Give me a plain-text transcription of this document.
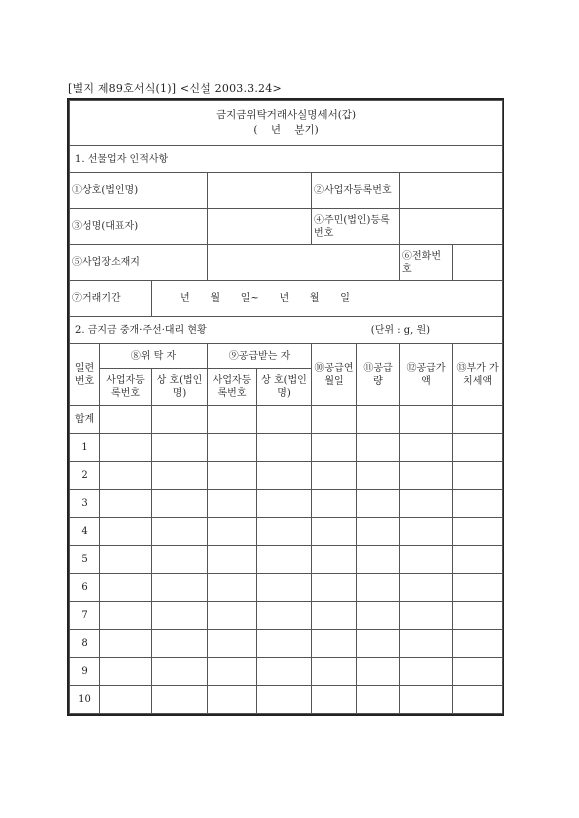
[별지 제89호서식(1)] <신설 2003.3.24>
금지금위탁거래사실명세서(갑)
(    년    분기)								

1. 선물업자 인적사항								
①상호(법인명)					②사업자등록번호			
③성명(대표자)					④주민(법인)등록번호			
⑤사업장소재지							⑥전화번호	
⑦거래기간		년    월    일~    년    월    일						
2. 금지금 중개·주선·대리 현황 (단위 : g, 원)								

일련번호	⑧위 탁 자		⑨공급받는 자		⑩공급연월일	⑪공급량	⑫공급가액	⑬부가 가치세액
	사업자등록번호	상 호(법인명)	사업자등록번호	상 호(법인명)				
합계								
1								
2								
3								
4								
5								
6								
7								
8								
9								
10								
